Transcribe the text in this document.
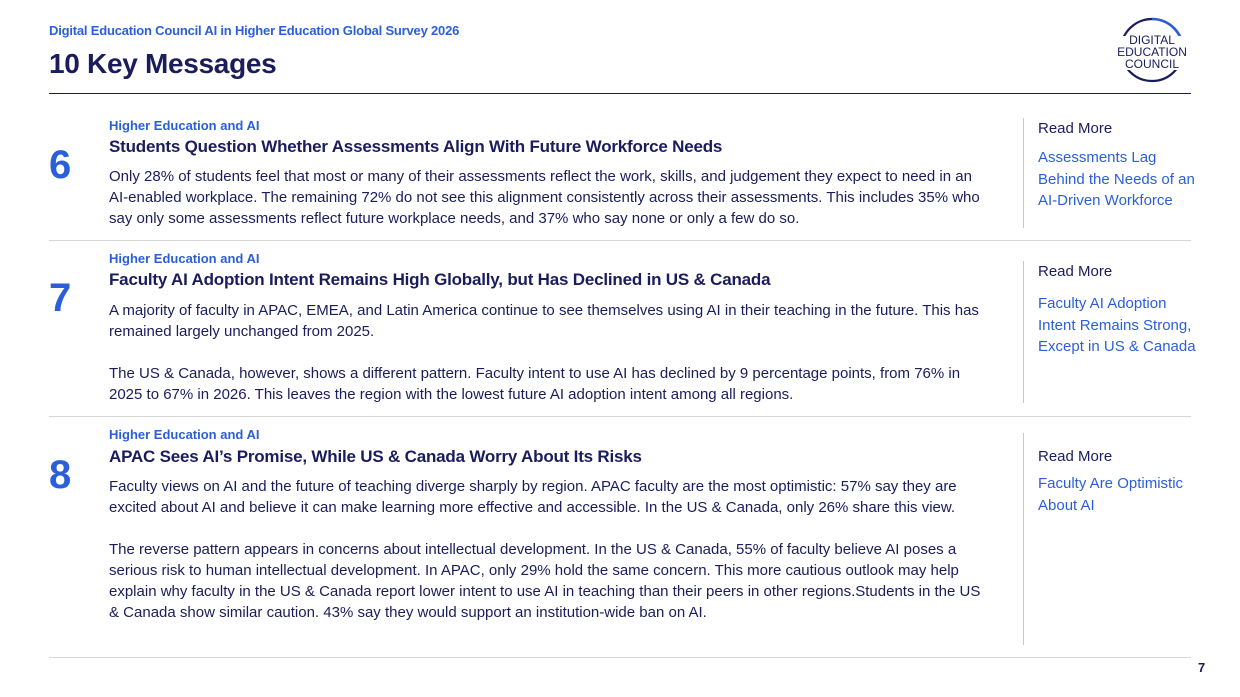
Digital Education Council AI in Higher Education Global Survey 2026
10 Key Messages
DIGITAL
EDUCATION
COUNCIL
6
Higher Education and AI
Students Question Whether Assessments Align With Future Workforce Needs

Only 28% of students feel that most or many of their assessments reflect the work, skills, and judgement they expect to need in an AI-enabled workplace. The remaining 72% do not see this alignment consistently across their assessments. This includes 35% who say only some assessments reflect future workplace needs, and 37% who say none or only a few do so.

Read More
Assessments Lag Behind the Needs of an AI-Driven Workforce
7
Higher Education and AI
Faculty AI Adoption Intent Remains High Globally, but Has Declined in US & Canada

A majority of faculty in APAC, EMEA, and Latin America continue to see themselves using AI in their teaching in the future. This has remained largely unchanged from 2025.

The US & Canada, however, shows a different pattern. Faculty intent to use AI has declined by 9 percentage points, from 76% in 2025 to 67% in 2026. This leaves the region with the lowest future AI adoption intent among all regions.

Read More
Faculty AI Adoption Intent Remains Strong, Except in US & Canada
8
Higher Education and AI
APAC Sees AI’s Promise, While US & Canada Worry About Its Risks

Faculty views on AI and the future of teaching diverge sharply by region. APAC faculty are the most optimistic: 57% say they are excited about AI and believe it can make learning more effective and accessible. In the US & Canada, only 26% share this view.

The reverse pattern appears in concerns about intellectual development. In the US & Canada, 55% of faculty believe AI poses a serious risk to human intellectual development. In APAC, only 29% hold the same concern. This more cautious outlook may help explain why faculty in the US & Canada report lower intent to use AI in teaching than their peers in other regions.Students in the US & Canada show similar caution. 43% say they would support an institution-wide ban on AI.

Read More
Faculty Are Optimistic About AI
7
